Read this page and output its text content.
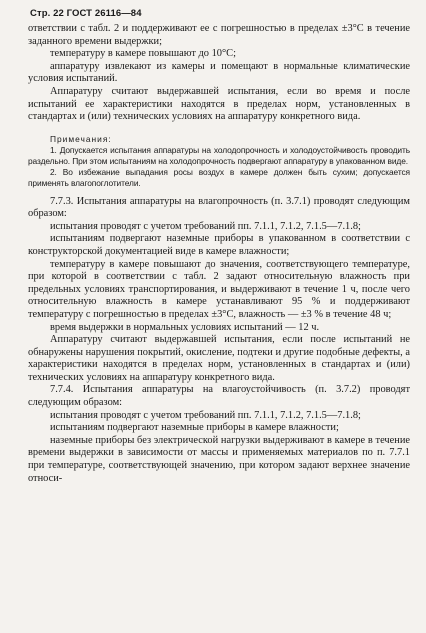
Стр. 22 ГОСТ 26116—84

ответствии с табл. 2 и поддерживают ее с погрешностью в пределах ±3°С в течение заданного времени выдержки;

температуру в камере повышают до 10°С;

аппаратуру извлекают из камеры и помещают в нормальные климатические условия испытаний.

Аппаратуру считают выдержавшей испытания, если во время и после испытаний ее характеристики находятся в пределах норм, установленных в стандартах и (или) технических условиях на аппаратуру конкретного вида.

Примечания:

1. Допускается испытания аппаратуры на холодопрочность и холодоустойчивость проводить раздельно. При этом испытаниям на холодопрочность подвергают аппаратуру в упакованном виде.

2. Во избежание выпадания росы воздух в камере должен быть сухим; допускается применять влагопоглотители.

7.7.3. Испытания аппаратуры на влагопрочность (п. 3.7.1) проводят следующим образом:

испытания проводят с учетом требований пп. 7.1.1, 7.1.2, 7.1.5—7.1.8;

испытаниям подвергают наземные приборы в упакованном в соответствии с конструкторской документацией виде в камере влажности;

температуру в камере повышают до значения, соответствующего температуре, при которой в соответствии с табл. 2 задают относительную влажность при предельных условиях транспортирования, и выдерживают в течение 1 ч, после чего относительную влажность в камере устанавливают 95 % и поддерживают температуру с погрешностью в пределах ±3°С, влажность — ±3 % в течение 48 ч;

время выдержки в нормальных условиях испытаний — 12 ч.

Аппаратуру считают выдержавшей испытания, если после испытаний не обнаружены нарушения покрытий, окисление, подтеки и другие подобные дефекты, а характеристики находятся в пределах норм, установленных в стандартах и (или) технических условиях на аппаратуру конкретного вида.

7.7.4. Испытания аппаратуры на влагоустойчивость (п. 3.7.2) проводят следующим образом:

испытания проводят с учетом требований пп. 7.1.1, 7.1.2, 7.1.5—7.1.8;

испытаниям подвергают наземные приборы в камере влажности;

наземные приборы без электрической нагрузки выдерживают в камере в течение времени выдержки в зависимости от массы и применяемых материалов по п. 7.7.1 при температуре, соответствующей значению, при котором задают верхнее значение относи-
